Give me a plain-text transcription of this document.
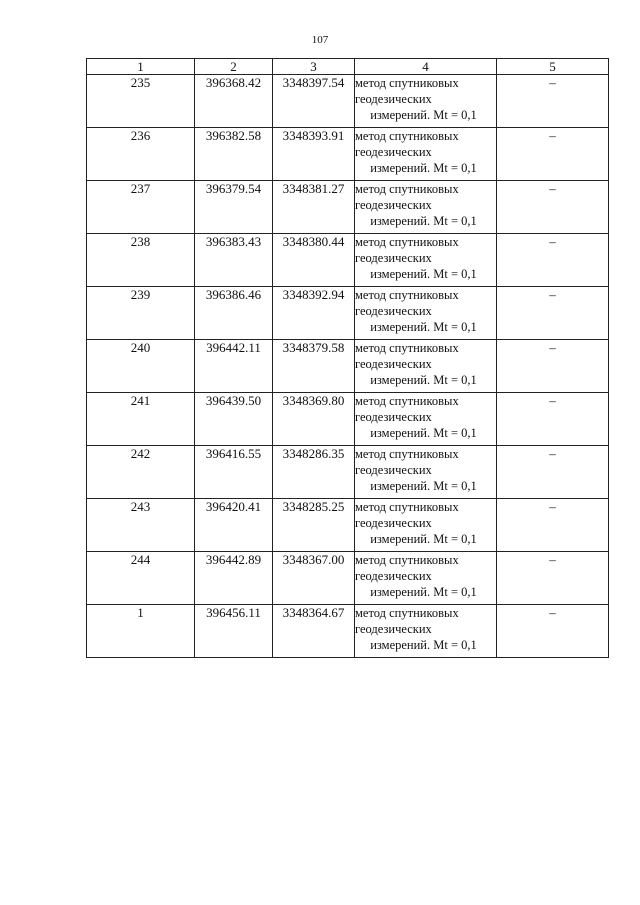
107
1	2	3	4	5
235	396368.42	3348397.54	метод спутниковых
геодезических
измерений. Mt = 0,1	–
236	396382.58	3348393.91	метод спутниковых
геодезических
измерений. Mt = 0,1	–
237	396379.54	3348381.27	метод спутниковых
геодезических
измерений. Mt = 0,1	–
238	396383.43	3348380.44	метод спутниковых
геодезических
измерений. Mt = 0,1	–
239	396386.46	3348392.94	метод спутниковых
геодезических
измерений. Mt = 0,1	–
240	396442.11	3348379.58	метод спутниковых
геодезических
измерений. Mt = 0,1	–
241	396439.50	3348369.80	метод спутниковых
геодезических
измерений. Mt = 0,1	–
242	396416.55	3348286.35	метод спутниковых
геодезических
измерений. Mt = 0,1	–
243	396420.41	3348285.25	метод спутниковых
геодезических
измерений. Mt = 0,1	–
244	396442.89	3348367.00	метод спутниковых
геодезических
измерений. Mt = 0,1	–
1	396456.11	3348364.67	метод спутниковых
геодезических
измерений. Mt = 0,1	–
